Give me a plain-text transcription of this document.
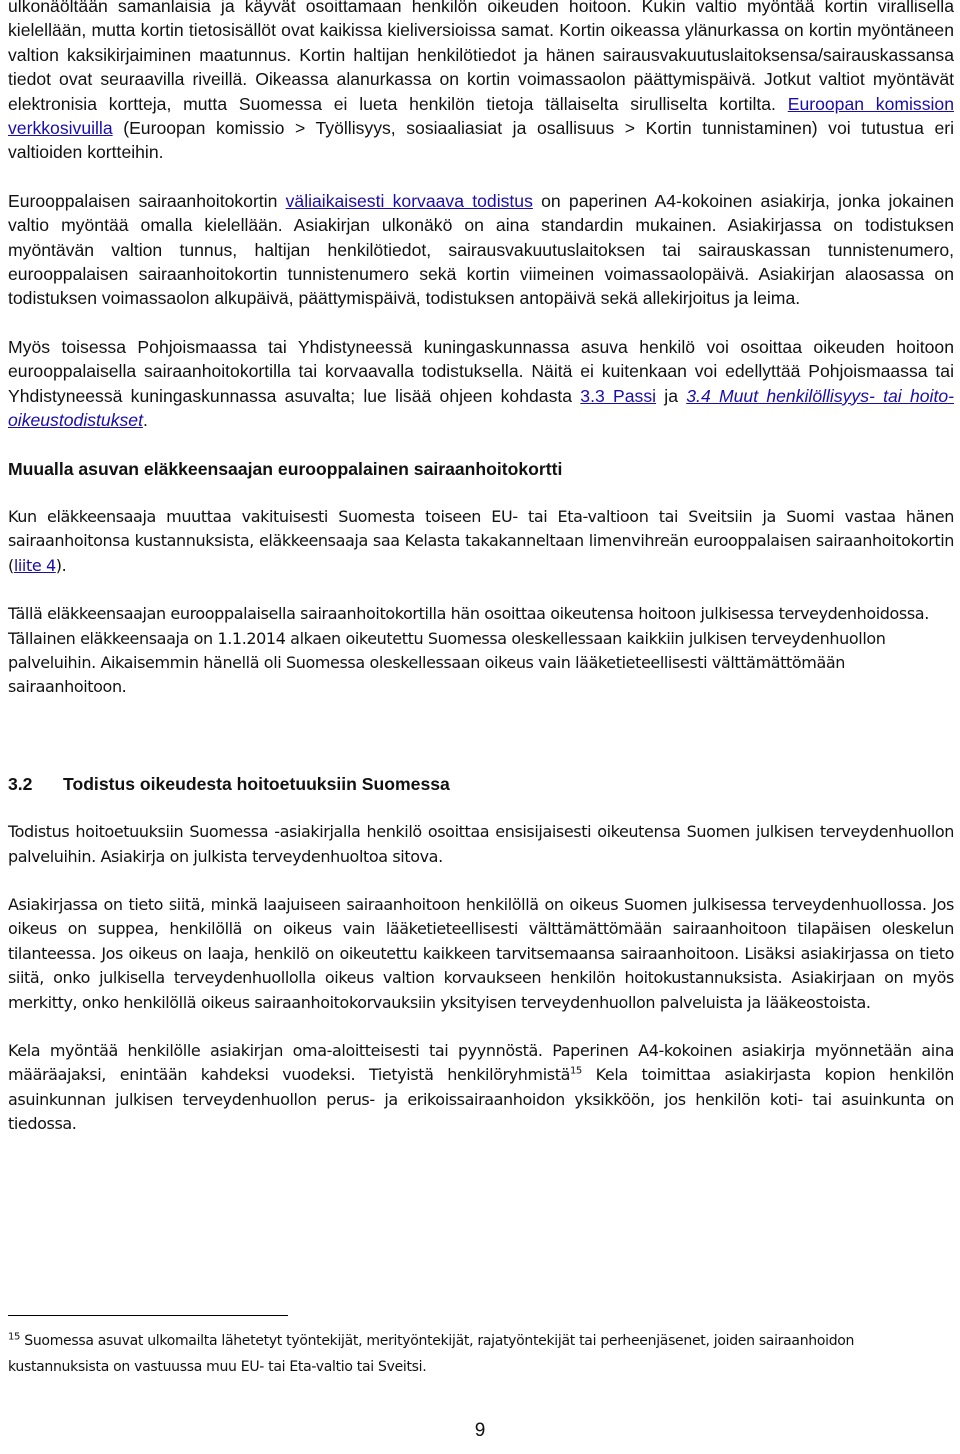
ulkonäöltään samanlaisia ja käyvät osoittamaan henkilön oikeuden hoitoon. Kukin valtio myöntää kortin virallisella kielellään, mutta kortin tietosisällöt ovat kaikissa kieliversioissa samat. Kortin oikeassa ylänurkassa on kortin myöntäneen valtion kaksikirjaiminen maatunnus. Kortin haltijan henkilötiedot ja hänen sairausvakuutuslaitoksensa/sairauskassansa tiedot ovat seuraavilla riveillä. Oikeassa alanurkassa on kortin voimassaolon päättymispäivä. Jotkut valtiot myöntävät elektronisia kortteja, mutta Suomessa ei lueta henkilön tietoja tällaiselta sirulliselta kortilta. Euroopan komission verkkosivuilla (Euroopan komissio > Työllisyys, sosiaaliasiat ja osallisuus > Kortin tunnistaminen) voi tutustua eri valtioiden kortteihin.

Eurooppalaisen sairaanhoitokortin väliaikaisesti korvaava todistus on paperinen A4-kokoinen asiakirja, jonka jokainen valtio myöntää omalla kielellään. Asiakirjan ulkonäkö on aina standardin mukainen. Asiakirjassa on todistuksen myöntävän valtion tunnus, haltijan henkilötiedot, sairausvakuutuslaitoksen tai sairauskassan tunnistenumero, eurooppalaisen sairaanhoitokortin tunnistenumero sekä kortin viimeinen voimassaolopäivä. Asiakirjan alaosassa on todistuksen voimassaolon alkupäivä, päättymispäivä, todistuksen antopäivä sekä allekirjoitus ja leima.

Myös toisessa Pohjoismaassa tai Yhdistyneessä kuningaskunnassa asuva henkilö voi osoittaa oikeuden hoitoon eurooppalaisella sairaanhoitokortilla tai korvaavalla todistuksella. Näitä ei kuitenkaan voi edellyttää Pohjoismaassa tai Yhdistyneessä kuningaskunnassa asuvalta; lue lisää ohjeen kohdasta 3.3 Passi ja 3.4 Muut henkilöllisyys- tai hoito-oikeustodistukset.

Muualla asuvan eläkkeensaajan eurooppalainen sairaanhoitokortti

Kun eläkkeensaaja muuttaa vakituisesti Suomesta toiseen EU- tai Eta-valtioon tai Sveitsiin ja Suomi vastaa hänen sairaanhoitonsa kustannuksista, eläkkeensaaja saa Kelasta takakanneltaan limenvihreän eurooppalaisen sairaanhoitokortin (liite 4).

Tällä eläkkeensaajan eurooppalaisella sairaanhoitokortilla hän osoittaa oikeutensa hoitoon julkisessa terveydenhoidossa. Tällainen eläkkeensaaja on 1.1.2014 alkaen oikeutettu Suomessa oleskellessaan kaikkiin julkisen terveydenhuollon palveluihin. Aikaisemmin hänellä oli Suomessa oleskellessaan oikeus vain lääketieteellisesti välttämättömään sairaanhoitoon.

3.2 Todistus oikeudesta hoitoetuuksiin Suomessa

Todistus hoitoetuuksiin Suomessa -asiakirjalla henkilö osoittaa ensisijaisesti oikeutensa Suomen julkisen terveydenhuollon palveluihin. Asiakirja on julkista terveydenhuoltoa sitova.

Asiakirjassa on tieto siitä, minkä laajuiseen sairaanhoitoon henkilöllä on oikeus Suomen julkisessa terveydenhuollossa. Jos oikeus on suppea, henkilöllä on oikeus vain lääketieteellisesti välttämättömään sairaanhoitoon tilapäisen oleskelun tilanteessa. Jos oikeus on laaja, henkilö on oikeutettu kaikkeen tarvitsemaansa sairaanhoitoon. Lisäksi asiakirjassa on tieto siitä, onko julkisella terveydenhuollolla oikeus valtion korvaukseen henkilön hoitokustannuksista. Asiakirjaan on myös merkitty, onko henkilöllä oikeus sairaanhoitokorvauksiin yksityisen terveydenhuollon palveluista ja lääkeostoista.

Kela myöntää henkilölle asiakirjan oma-aloitteisesti tai pyynnöstä. Paperinen A4-kokoinen asiakirja myönnetään aina määräajaksi, enintään kahdeksi vuodeksi. Tietyistä henkilöryhmistä$^{15}$ Kela toimittaa asiakirjasta kopion henkilön asuinkunnan julkisen terveydenhuollon perus- ja erikoissairaanhoidon yksikköön, jos henkilön koti- tai asuinkunta on tiedossa.

$^{15}$ Suomessa asuvat ulkomailta lähetetyt työntekijät, merityöntekijät, rajatyöntekijät tai perheenjäsenet, joiden sairaanhoidon kustannuksista on vastuussa muu EU- tai Eta-valtio tai Sveitsi.
9
